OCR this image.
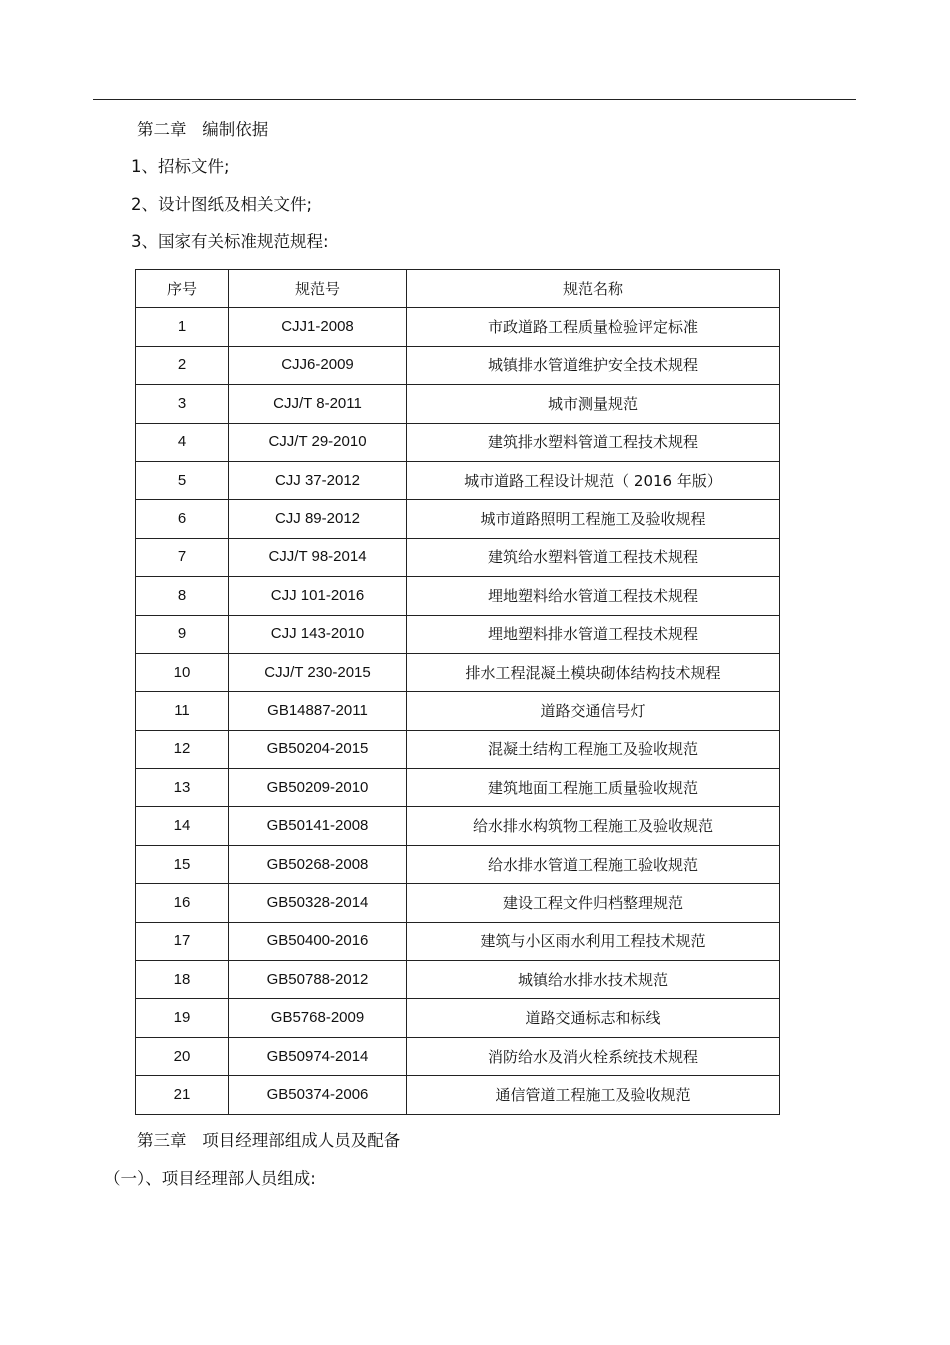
第二章   编制依据
1、招标文件;
2、设计图纸及相关文件;
3、国家有关标准规范规程:
序号	规范号	规范名称
1	CJJ1-2008	市政道路工程质量检验评定标准
2	CJJ6-2009	城镇排水管道维护安全技术规程
3	CJJ/T 8-2011	城市测量规范
4	CJJ/T 29-2010	建筑排水塑料管道工程技术规程
5	CJJ 37-2012	城市道路工程设计规范（ 2016 年版）
6	CJJ 89-2012	城市道路照明工程施工及验收规程
7	CJJ/T 98-2014	建筑给水塑料管道工程技术规程
8	CJJ 101-2016	埋地塑料给水管道工程技术规程
9	CJJ 143-2010	埋地塑料排水管道工程技术规程
10	CJJ/T 230-2015	排水工程混凝土模块砌体结构技术规程
11	GB14887-2011	道路交通信号灯
12	GB50204-2015	混凝土结构工程施工及验收规范
13	GB50209-2010	建筑地面工程施工质量验收规范
14	GB50141-2008	给水排水构筑物工程施工及验收规范
15	GB50268-2008	给水排水管道工程施工验收规范
16	GB50328-2014	建设工程文件归档整理规范
17	GB50400-2016	建筑与小区雨水利用工程技术规范
18	GB50788-2012	城镇给水排水技术规范
19	GB5768-2009	道路交通标志和标线
20	GB50974-2014	消防给水及消火栓系统技术规程
21	GB50374-2006	通信管道工程施工及验收规范
第三章   项目经理部组成人员及配备
（一）、项目经理部人员组成:
